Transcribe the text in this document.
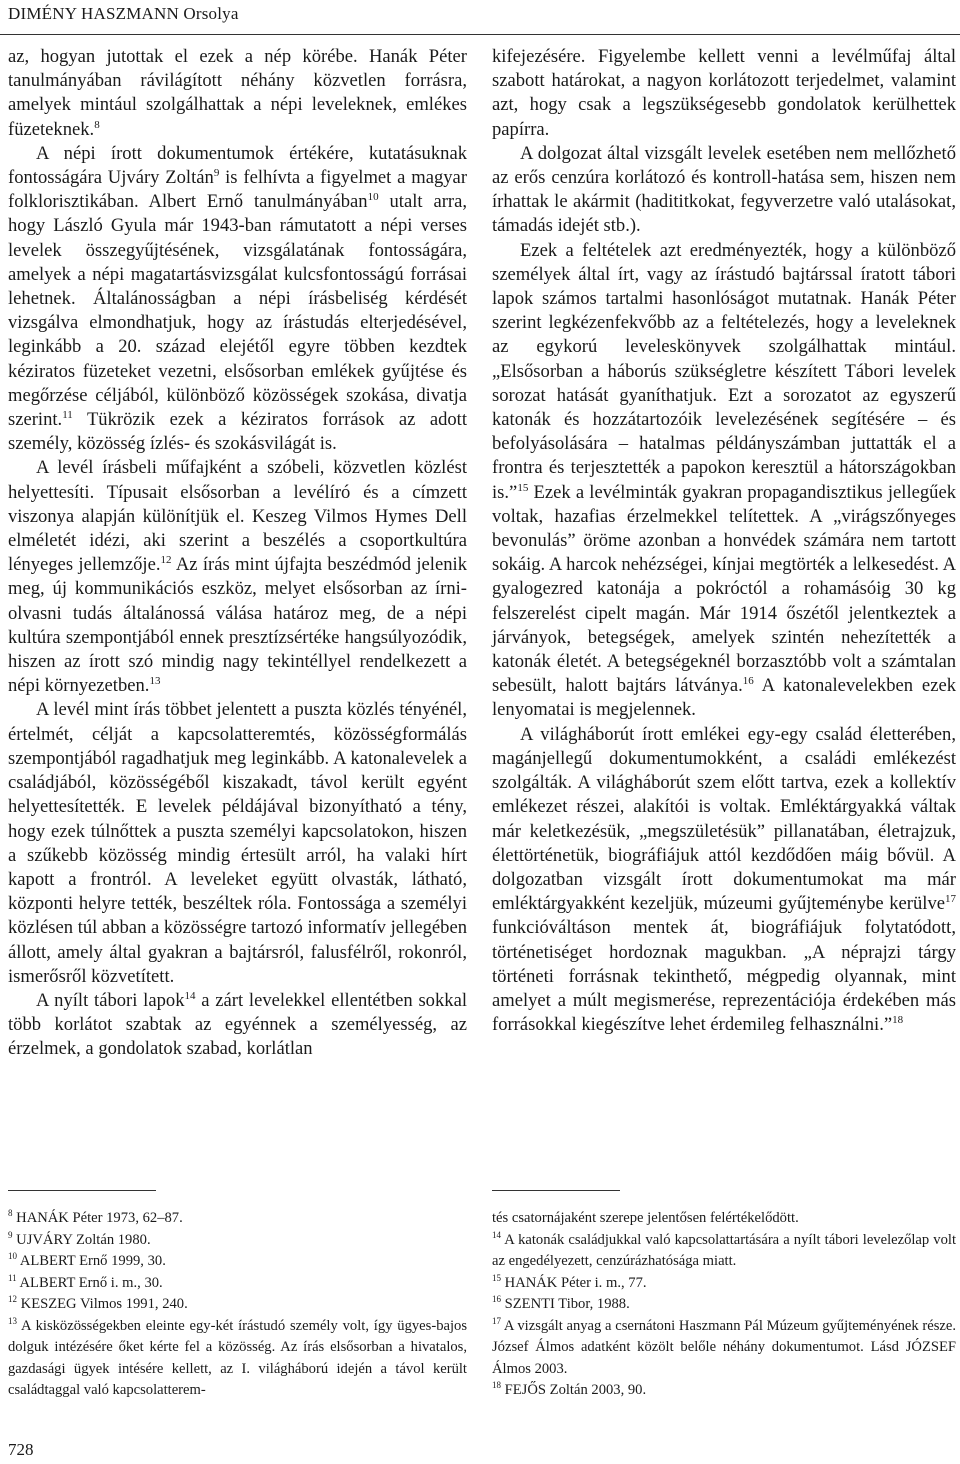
DIMÉNY HASZMANN Orsolya

az, hogyan jutottak el ezek a nép körébe. Hanák Péter tanulmányában rávilágított néhány közvetlen forrásra, amelyek mintául szolgálhattak a népi leveleknek, emlékes füzeteknek.$^8$

A népi írott dokumentumok értékére, kutatásuknak fontosságára Ujváry Zoltán$^9$ is felhívta a figyelmet a magyar folklorisztikában. Albert Ernő tanulmányában$^{10}$ utalt arra, hogy László Gyula már 1943-ban rámutatott a népi verses levelek összegyűjtésének, vizsgálatának fontosságára, amelyek a népi magatartásvizsgálat kulcsfontosságú forrásai lehetnek. Általánosságban a népi írásbeliség kérdését vizsgálva elmondhatjuk, hogy az írástudás elterjedésével, leginkább a 20. század elejétől egyre többen kezdtek kéziratos füzeteket vezetni, elsősorban emlékek gyűjtése és megőrzése céljából, különböző közösségek szokása, divatja szerint.$^{11}$ Tükrözik ezek a kéziratos források az adott személy, közösség ízlés- és szokásvilágát is.

A levél írásbeli műfajként a szóbeli, közvetlen közlést helyettesíti. Típusait elsősorban a levélíró és a címzett viszonya alapján különítjük el. Keszeg Vilmos Hymes Dell elméletét idézi, aki szerint a beszélés a csoportkultúra lényeges jellemzője.$^{12}$ Az írás mint újfajta beszédmód jelenik meg, új kommunikációs eszköz, melyet elsősorban az írni-olvasni tudás általánossá válása határoz meg, de a népi kultúra szempontjából ennek presztízsértéke hangsúlyozódik, hiszen az írott szó mindig nagy tekintéllyel rendelkezett a népi környezetben.$^{13}$

A levél mint írás többet jelentett a puszta közlés tényénél, értelmét, célját a kapcsolatteremtés, közösségformálás szempontjából ragadhatjuk meg leginkább. A katonalevelek a családjából, közösségéből kiszakadt, távol került egyént helyettesítették. E levelek példájával bizonyítható a tény, hogy ezek túlnőttek a puszta személyi kapcsolatokon, hiszen a szűkebb közösség mindig értesült arról, ha valaki hírt kapott a frontról. A leveleket együtt olvasták, látható, központi helyre tették, beszéltek róla. Fontossága a személyi közlésen túl abban a közösségre tartozó informatív jellegében állott, amely által gyakran a bajtársról, falusfélről, rokonról, ismerősről közvetített.

A nyílt tábori lapok$^{14}$ a zárt levelekkel ellentétben sokkal több korlátot szabtak az egyénnek a személyesség, az érzelmek, a gondolatok szabad, korlátlan

kifejezésére. Figyelembe kellett venni a levélműfaj által szabott határokat, a nagyon korlátozott terjedelmet, valamint azt, hogy csak a legszükségesebb gondolatok kerülhettek papírra.

A dolgozat által vizsgált levelek esetében nem mellőzhető az erős cenzúra korlátozó és kontroll-hatása sem, hiszen nem írhattak le akármit (hadititkokat, fegyverzetre való utalásokat, támadás idejét stb.).

Ezek a feltételek azt eredményezték, hogy a különböző személyek által írt, vagy az írástudó bajtárssal íratott tábori lapok számos tartalmi hasonlóságot mutatnak. Hanák Péter szerint legkézenfekvőbb az a feltételezés, hogy a leveleknek az egykorú levelеskönyvek szolgálhattak mintául. „Elsősorban a háborús szükségletre készített Tábori levelek sorozat hatását gyaníthatjuk. Ezt a sorozatot az egyszerű katonák és hozzátartozóik levelezésének segítésére – és befolyásolására – hatalmas példányszámban juttatták el a frontra és terjesztették a papokon keresztül a hátországokban is.”$^{15}$ Ezek a levélminták gyakran propagandisztikus jellegűek voltak, hazafias érzelmekkel telítettek. A „virágszőnyeges bevonulás” öröme azonban a honvédek számára nem tartott sokáig. A harcok nehézségei, kínjai megtörték a lelkesedést. A gyalogezred katonája a pokróctól a rohamásóig 30 kg felszerelést cipelt magán. Már 1914 őszétől jelentkeztek a járványok, betegségek, amelyek szintén nehezítették a katonák életét. A betegségeknél borzasztóbb volt a számtalan sebesült, halott bajtárs látványa.$^{16}$ A katonalevelekben ezek lenyomatai is megjelennek.

A világháborút írott emlékei egy-egy család életterében, magánjellegű dokumentumokként, a családi emlékezést szolgálták. A világháborút szem előtt tartva, ezek a kollektív emlékezet részei, alakítói is voltak. Emléktárgyakká váltak már keletkezésük, „megszületésük” pillanatában, életrajzuk, élettörténetük, biográfiájuk attól kezdődően máig bővül. A dolgozatban vizsgált írott dokumentumokat ma már emléktárgyakként kezeljük, múzeumi gyűjteménybe kerülve$^{17}$ funkcióváltáson mentek át, biográfiájuk folytatódott, történetiséget hordoznak magukban. „A néprajzi tárgy történeti forrásnak tekinthető, mégpedig olyannak, mint amelyet a múlt megismerése, reprezentációja érdekében más forrásokkal kiegészítve lehet érdemileg felhasználni.”$^{18}$

$^8$ HANÁK Péter 1973, 62–87.

$^9$ UJVÁRY Zoltán 1980.

$^{10}$ ALBERT Ernő 1999, 30.

$^{11}$ ALBERT Ernő i. m., 30.

$^{12}$ KESZEG Vilmos 1991, 240.

$^{13}$ A kisközösségekben eleinte egy-két írástudó személy volt, így ügyes-bajos dolguk intézésére őket kérte fel a közösség. Az írás elsősorban a hivatalos, gazdasági ügyek intésére kellett, az I. világháború idején a távol került családtaggal való kapcsolatterem-

tés csatornájaként szerepe jelentősen felértékelődött.

$^{14}$ A katonák családjukkal való kapcsolattartására a nyílt tábori levelezőlap volt az engedélyezett, cenzúrázhatósága miatt.

$^{15}$ HANÁK Péter i. m., 77.

$^{16}$ SZENTI Tibor, 1988.

$^{17}$ A vizsgált anyag a csernátoni Haszmann Pál Múzeum gyűjteményének része. József Álmos adatként közölt belőle néhány dokumentumot. Lásd JÓZSEF Álmos 2003.

$^{18}$ FEJŐS Zoltán 2003, 90.

728
